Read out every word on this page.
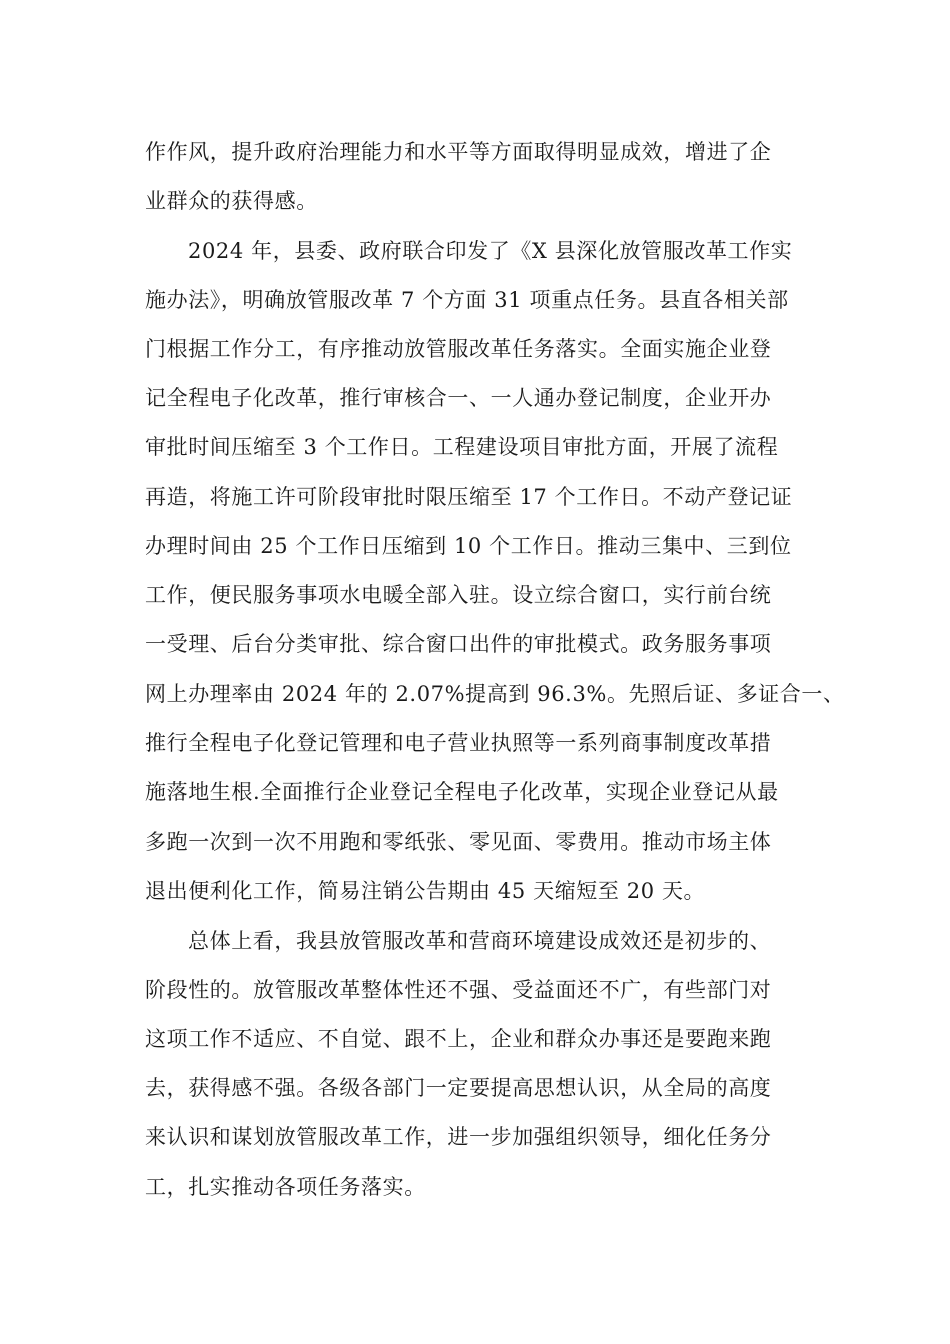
作作风，提升政府治理能力和水平等方面取得明显成效，增进了企
业群众的获得感。
2024 年，县委、政府联合印发了《X 县深化放管服改革工作实
施办法》，明确放管服改革 7 个方面 31 项重点任务。县直各相关部
门根据工作分工，有序推动放管服改革任务落实。全面实施企业登
记全程电子化改革，推行审核合一、一人通办登记制度，企业开办
审批时间压缩至 3 个工作日。工程建设项目审批方面，开展了流程
再造，将施工许可阶段审批时限压缩至 17 个工作日。不动产登记证
办理时间由 25 个工作日压缩到 10 个工作日。推动三集中、三到位
工作，便民服务事项水电暖全部入驻。设立综合窗口，实行前台统
一受理、后台分类审批、综合窗口出件的审批模式。政务服务事项
网上办理率由 2024 年的 2.07%提高到 96.3%。先照后证、多证合一、
推行全程电子化登记管理和电子营业执照等一系列商事制度改革措
施落地生根.全面推行企业登记全程电子化改革，实现企业登记从最
多跑一次到一次不用跑和零纸张、零见面、零费用。推动市场主体
退出便利化工作，简易注销公告期由 45 天缩短至 20 天。
总体上看，我县放管服改革和营商环境建设成效还是初步的、
阶段性的。放管服改革整体性还不强、受益面还不广，有些部门对
这项工作不适应、不自觉、跟不上，企业和群众办事还是要跑来跑
去，获得感不强。各级各部门一定要提高思想认识，从全局的高度
来认识和谋划放管服改革工作，进一步加强组织领导，细化任务分
工，扎实推动各项任务落实。
